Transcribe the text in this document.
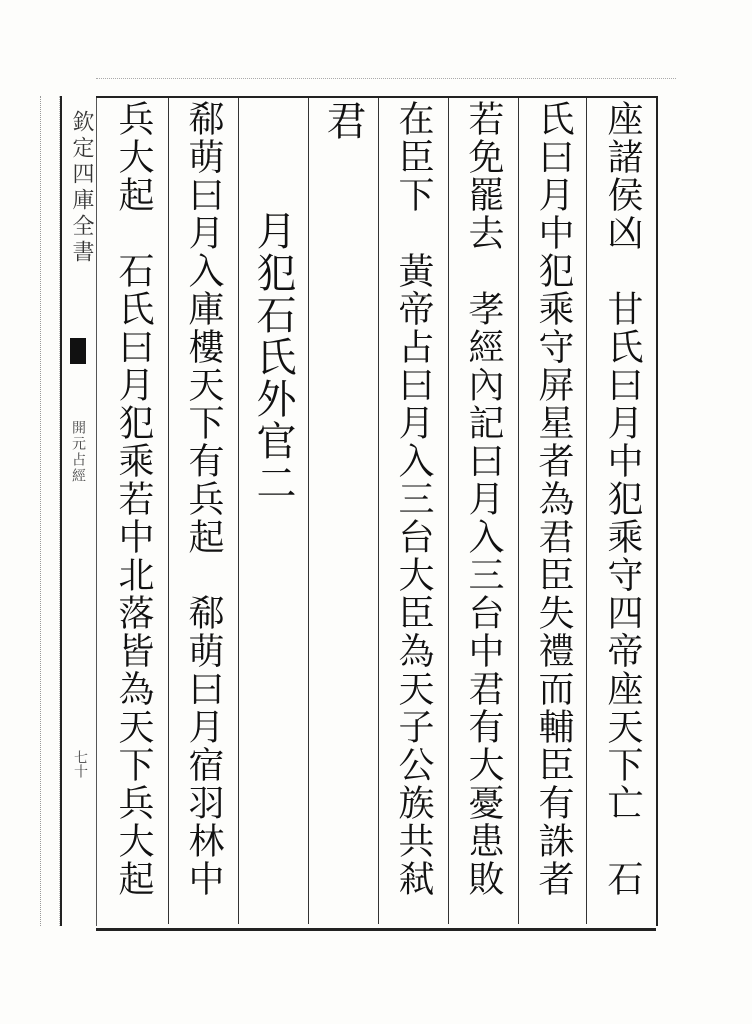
欽定四庫全書
開元占經
七十	座諸侯凶　甘氏曰月中犯乘守四帝座天下亡　石
氏曰月中犯乘守屏星者為君臣失禮而輔臣有誅者
若免罷去　孝經內記曰月入三台中君有大憂患敗
在臣下　黃帝占曰月入三台大臣為天子公族共弒
君
月犯石氏外官二
郗萌曰月入庫樓天下有兵起　郗萌曰月宿羽林中
兵大起　石氏曰月犯乘若中北落皆為天下兵大起
